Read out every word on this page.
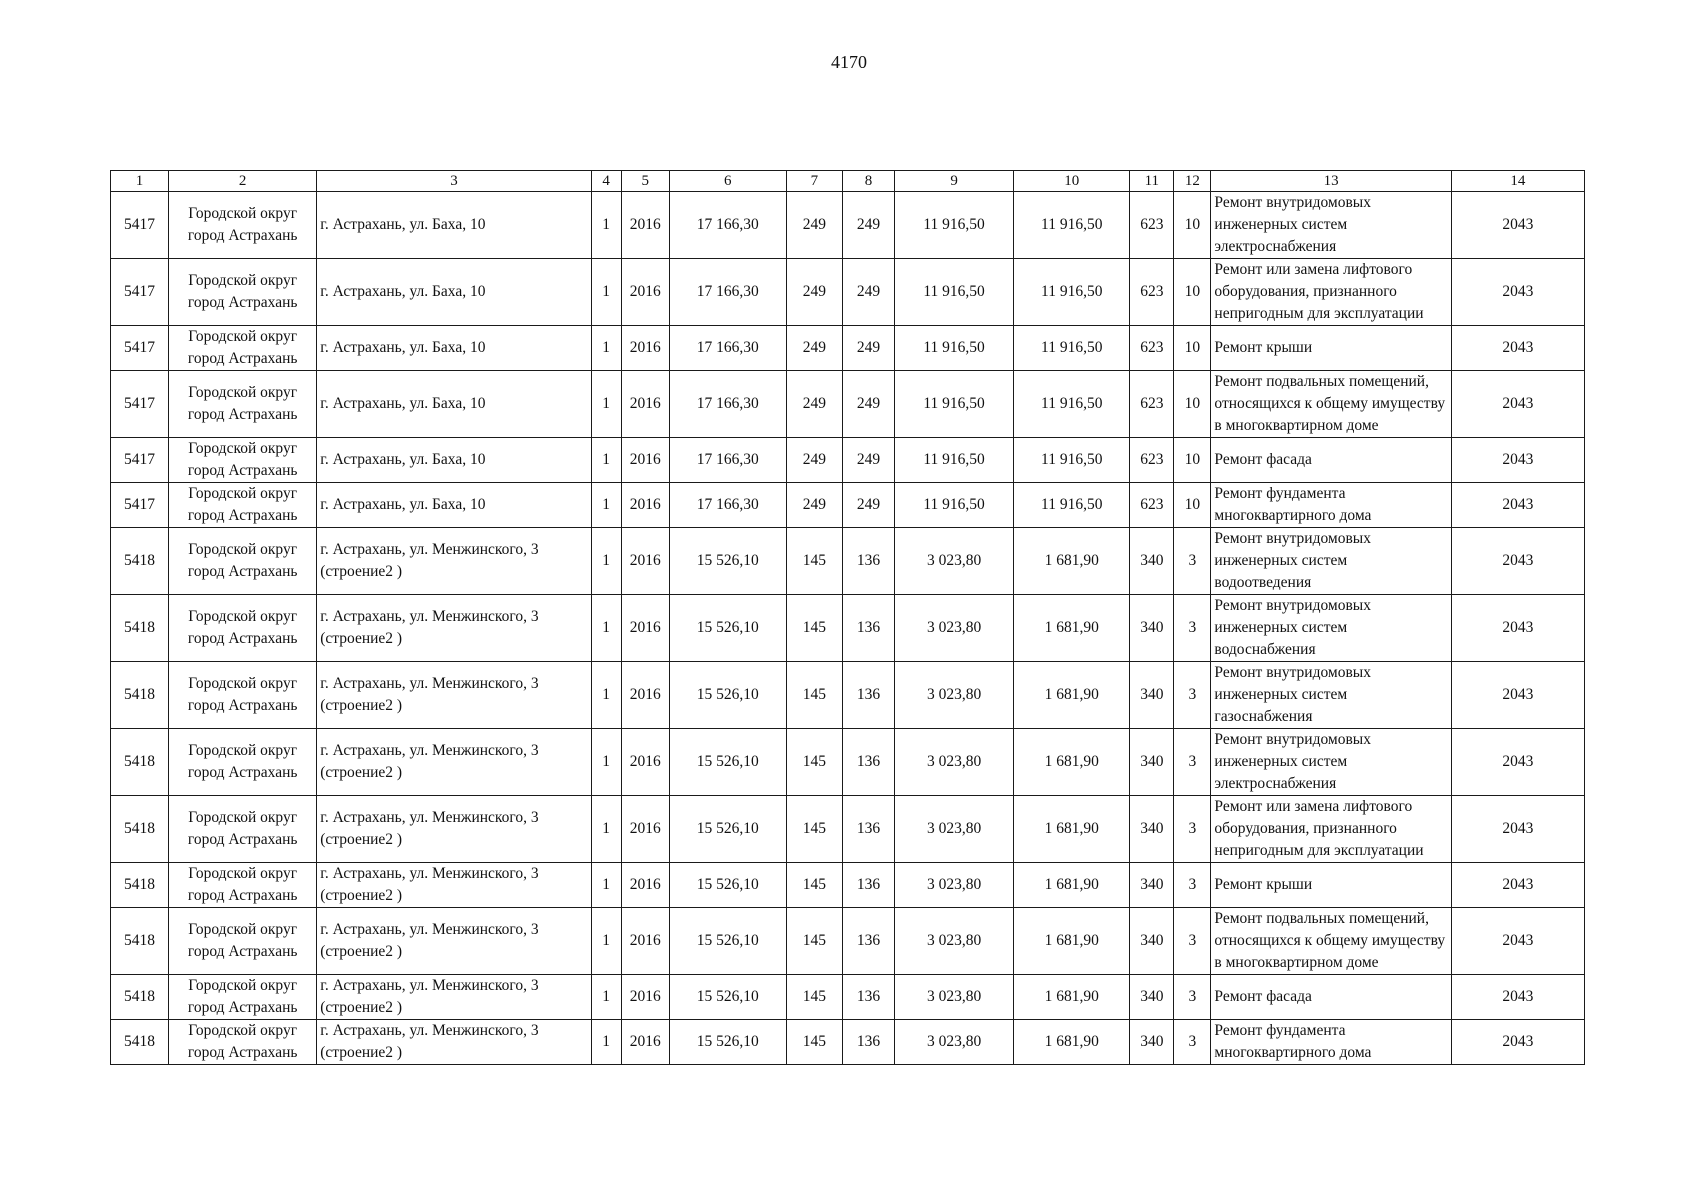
4170
1	2	3	4	5	6	7	8	9	10	11	12	13	14
5417	Городской округ город Астрахань	г. Астрахань, ул. Баха, 10	1	2016	17 166,30	249	249	11 916,50	11 916,50	623	10	Ремонт внутридомовых инженерных систем электроснабжения	2043
5417	Городской округ город Астрахань	г. Астрахань, ул. Баха, 10	1	2016	17 166,30	249	249	11 916,50	11 916,50	623	10	Ремонт или замена лифтового оборудования, признанного непригодным для эксплуатации	2043
5417	Городской округ город Астрахань	г. Астрахань, ул. Баха, 10	1	2016	17 166,30	249	249	11 916,50	11 916,50	623	10	Ремонт крыши	2043
5417	Городской округ город Астрахань	г. Астрахань, ул. Баха, 10	1	2016	17 166,30	249	249	11 916,50	11 916,50	623	10	Ремонт подвальных помещений, относящихся к общему имуществу в многоквартирном доме	2043
5417	Городской округ город Астрахань	г. Астрахань, ул. Баха, 10	1	2016	17 166,30	249	249	11 916,50	11 916,50	623	10	Ремонт фасада	2043
5417	Городской округ город Астрахань	г. Астрахань, ул. Баха, 10	1	2016	17 166,30	249	249	11 916,50	11 916,50	623	10	Ремонт фундамента многоквартирного дома	2043
5418	Городской округ город Астрахань	г. Астрахань, ул. Менжинского, 3 (строение2 )	1	2016	15 526,10	145	136	3 023,80	1 681,90	340	3	Ремонт внутридомовых инженерных систем водоотведения	2043
5418	Городской округ город Астрахань	г. Астрахань, ул. Менжинского, 3 (строение2 )	1	2016	15 526,10	145	136	3 023,80	1 681,90	340	3	Ремонт внутридомовых инженерных систем водоснабжения	2043
5418	Городской округ город Астрахань	г. Астрахань, ул. Менжинского, 3 (строение2 )	1	2016	15 526,10	145	136	3 023,80	1 681,90	340	3	Ремонт внутридомовых инженерных систем газоснабжения	2043
5418	Городской округ город Астрахань	г. Астрахань, ул. Менжинского, 3 (строение2 )	1	2016	15 526,10	145	136	3 023,80	1 681,90	340	3	Ремонт внутридомовых инженерных систем электроснабжения	2043
5418	Городской округ город Астрахань	г. Астрахань, ул. Менжинского, 3 (строение2 )	1	2016	15 526,10	145	136	3 023,80	1 681,90	340	3	Ремонт или замена лифтового оборудования, признанного непригодным для эксплуатации	2043
5418	Городской округ город Астрахань	г. Астрахань, ул. Менжинского, 3 (строение2 )	1	2016	15 526,10	145	136	3 023,80	1 681,90	340	3	Ремонт крыши	2043
5418	Городской округ город Астрахань	г. Астрахань, ул. Менжинского, 3 (строение2 )	1	2016	15 526,10	145	136	3 023,80	1 681,90	340	3	Ремонт подвальных помещений, относящихся к общему имуществу в многоквартирном доме	2043
5418	Городской округ город Астрахань	г. Астрахань, ул. Менжинского, 3 (строение2 )	1	2016	15 526,10	145	136	3 023,80	1 681,90	340	3	Ремонт фасада	2043
5418	Городской округ город Астрахань	г. Астрахань, ул. Менжинского, 3 (строение2 )	1	2016	15 526,10	145	136	3 023,80	1 681,90	340	3	Ремонт фундамента многоквартирного дома	2043
